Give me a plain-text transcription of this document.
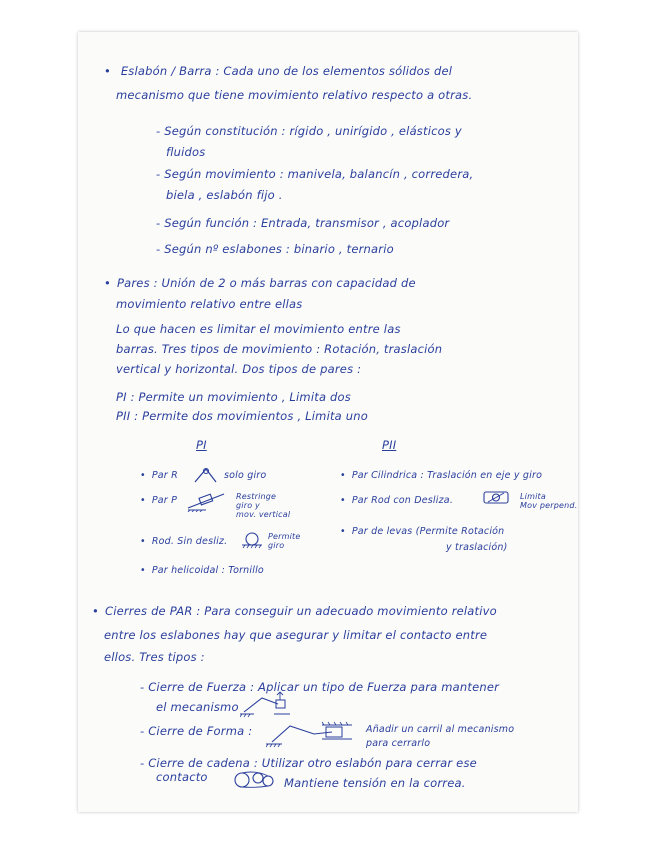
• Eslabón / Barra : Cada uno de los elementos sólidos del
mecanismo que tiene movimiento relativo respecto a otras.
- Según constitución : rígido , unirígido , elásticos y
fluidos
- Según movimiento : manivela, balancín , corredera,
biela , eslabón fijo .
- Según función : Entrada, transmisor , acoplador
- Según nº eslabones : binario , ternario
• Pares : Unión de 2 o más barras con capacidad de
movimiento relativo entre ellas
Lo que hacen es limitar el movimiento entre las
barras. Tres tipos de movimiento : Rotación, traslación
vertical y horizontal. Dos tipos de pares :
PI : Permite un movimiento , Limita dos
PII : Permite dos movimientos , Limita uno
PI	PII
• Par R	solo giro
• Par P	Restringe
giro y
mov. vertical
• Rod. Sin desliz.	Permite
giro
• Par helicoidal : Tornillo
• Par Cilindrica : Traslación en eje y giro
• Par Rod con Desliza.	Limita
Mov perpend.
• Par de levas (Permite Rotación
y traslación)
• Cierres de PAR : Para conseguir un adecuado movimiento relativo
entre los eslabones hay que asegurar y limitar el contacto entre
ellos. Tres tipos :
- Cierre de Fuerza : Aplicar un tipo de Fuerza para mantener
el mecanismo
- Cierre de Forma :	Añadir un carril al mecanismo
para cerrarlo
- Cierre de cadena : Utilizar otro eslabón para cerrar ese
contacto	Mantiene tensión en la correa.
